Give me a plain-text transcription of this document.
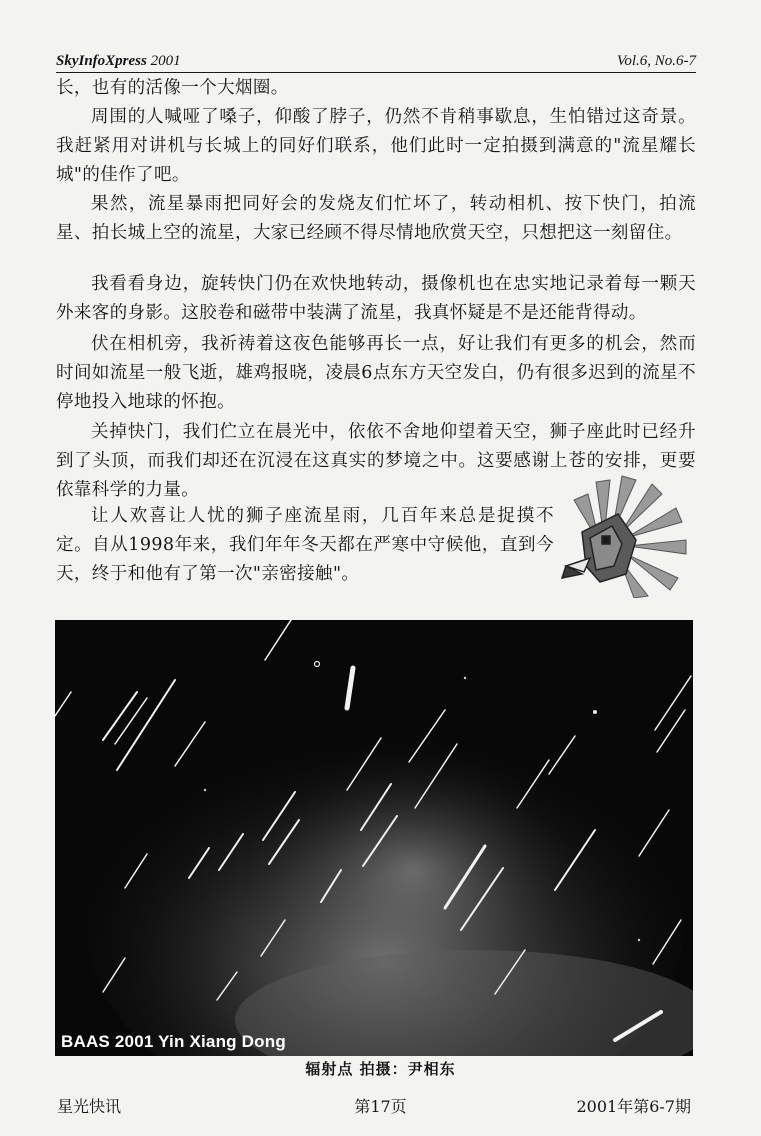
SkyInfoXpress 2001	Vol.6, No.6-7

长，也有的活像一个大烟圈。

周围的人喊哑了嗓子，仰酸了脖子，仍然不肯稍事歇息，生怕错过这奇景。我赶紧用对讲机与长城上的同好们联系，他们此时一定拍摄到满意的"流星耀长城"的佳作了吧。

果然，流星暴雨把同好会的发烧友们忙坏了，转动相机、按下快门，拍流星、拍长城上空的流星，大家已经顾不得尽情地欣赏天空，只想把这一刻留住。

我看看身边，旋转快门仍在欢快地转动，摄像机也在忠实地记录着每一颗天外来客的身影。这胶卷和磁带中装满了流星，我真怀疑是不是还能背得动。

伏在相机旁，我祈祷着这夜色能够再长一点，好让我们有更多的机会，然而时间如流星一般飞逝，雄鸡报晓，凌晨6点东方天空发白，仍有很多迟到的流星不停地投入地球的怀抱。

关掉快门，我们伫立在晨光中，依依不舍地仰望着天空，狮子座此时已经升到了头顶，而我们却还在沉浸在这真实的梦境之中。这要感谢上苍的安排，更要依靠科学的力量。

让人欢喜让人忧的狮子座流星雨，几百年来总是捉摸不定。自从1998年来，我们年年冬天都在严寒中守候他，直到今天，终于和他有了第一次"亲密接触"。

BAAS 2001 Yin Xiang Dong
辐射点 拍摄：尹相东
星光快讯	第17页	2001年第6-7期
